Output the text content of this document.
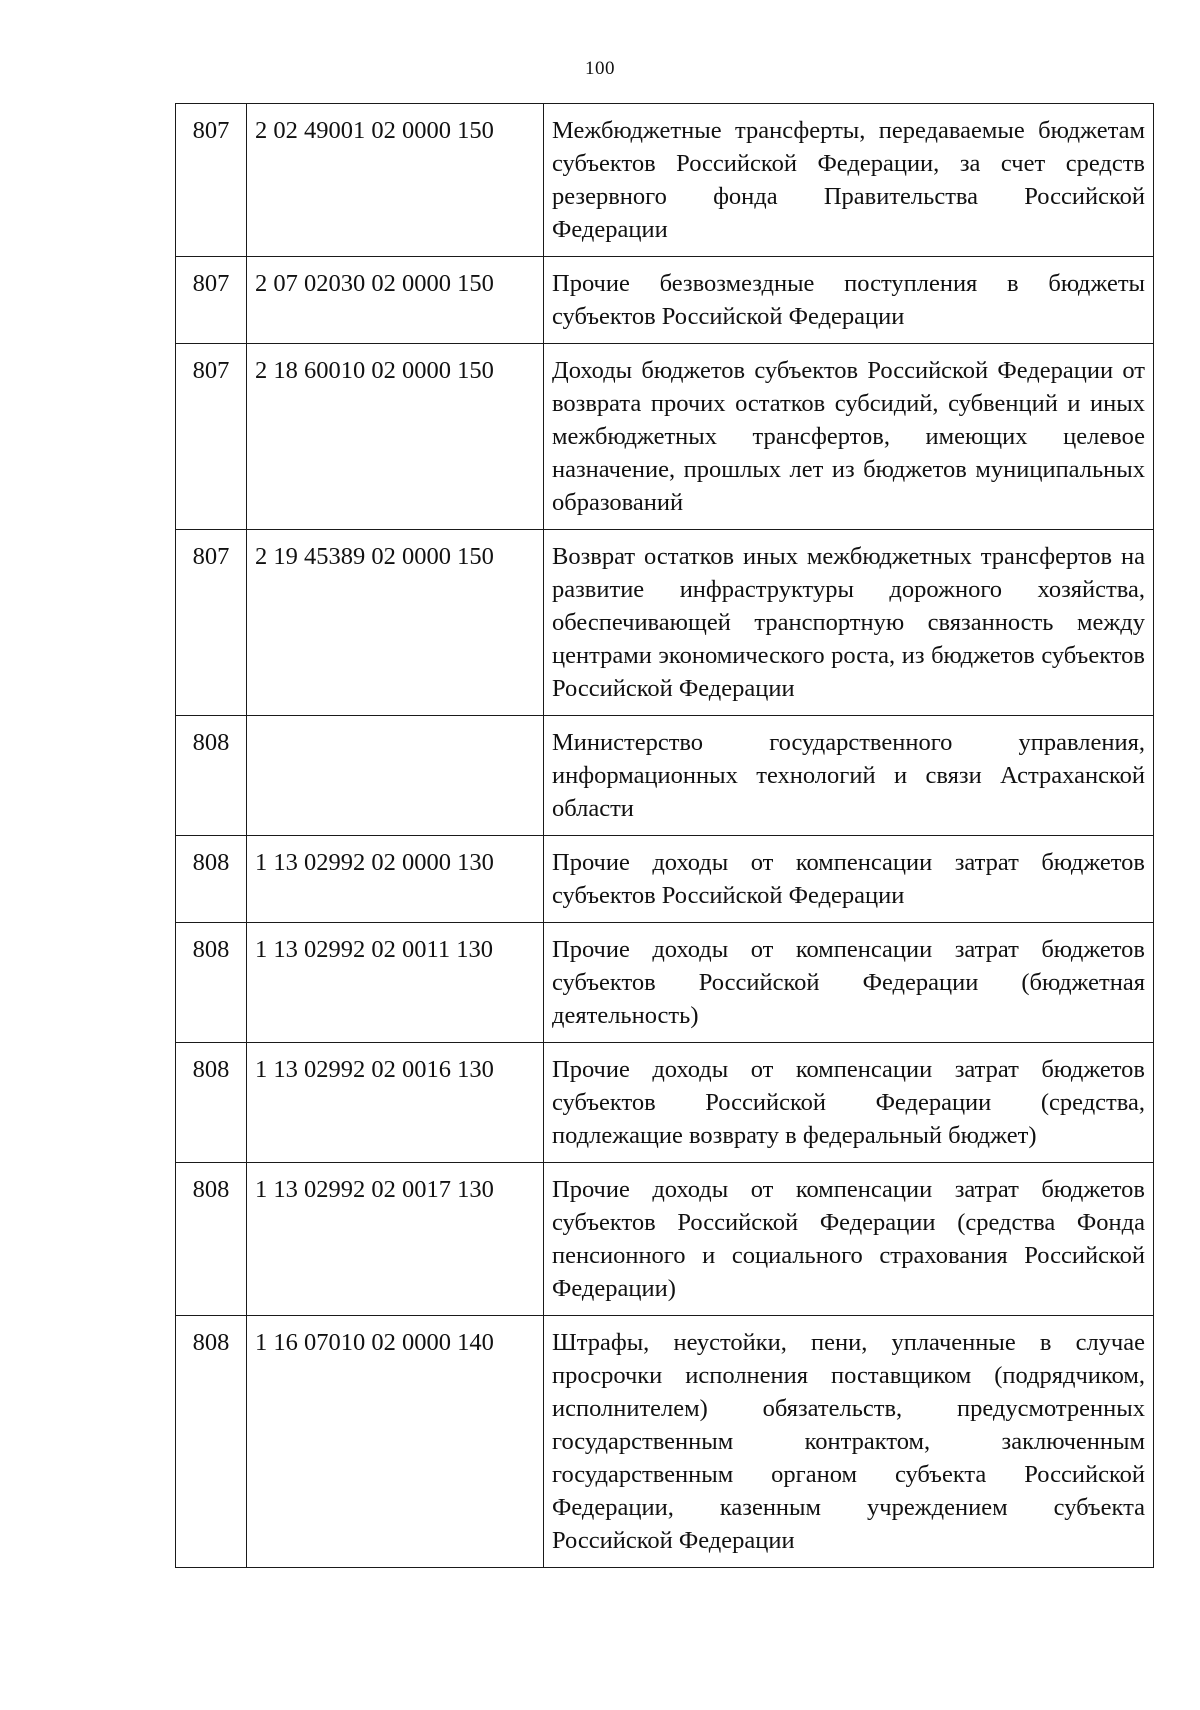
100
807	2 02 49001 02 0000 150	Межбюджетные трансферты, передаваемые бюджетам субъектов Российской Федерации, за счет средств резервного фонда Правительства Российской Федерации
807	2 07 02030 02 0000 150	Прочие безвозмездные поступления в бюджеты субъектов Российской Федерации
807	2 18 60010 02 0000 150	Доходы бюджетов субъектов Российской Федерации от возврата прочих остатков субсидий, субвенций и иных межбюджетных трансфертов, имеющих целевое назначение, прошлых лет из бюджетов муниципальных образований
807	2 19 45389 02 0000 150	Возврат остатков иных межбюджетных трансфертов на развитие инфраструктуры дорожного хозяйства, обеспечивающей транспортную связанность между центрами экономического роста, из бюджетов субъектов Российской Федерации
808		Министерство государственного управления, информационных технологий и связи Астраханской области
808	1 13 02992 02 0000 130	Прочие доходы от компенсации затрат бюджетов субъектов Российской Федерации
808	1 13 02992 02 0011 130	Прочие доходы от компенсации затрат бюджетов субъектов Российской Федерации (бюджетная деятельность)
808	1 13 02992 02 0016 130	Прочие доходы от компенсации затрат бюджетов субъектов Российской Федерации (средства, подлежащие возврату в федеральный бюджет)
808	1 13 02992 02 0017 130	Прочие доходы от компенсации затрат бюджетов субъектов Российской Федерации (средства Фонда пенсионного и социального страхования Российской Федерации)
808	1 16 07010 02 0000 140	Штрафы, неустойки, пени, уплаченные в случае просрочки исполнения поставщиком (подрядчиком, исполнителем) обязательств, предусмотренных государственным контрактом, заключенным государственным органом субъекта Российской Федерации, казенным учреждением субъекта Российской Федерации
